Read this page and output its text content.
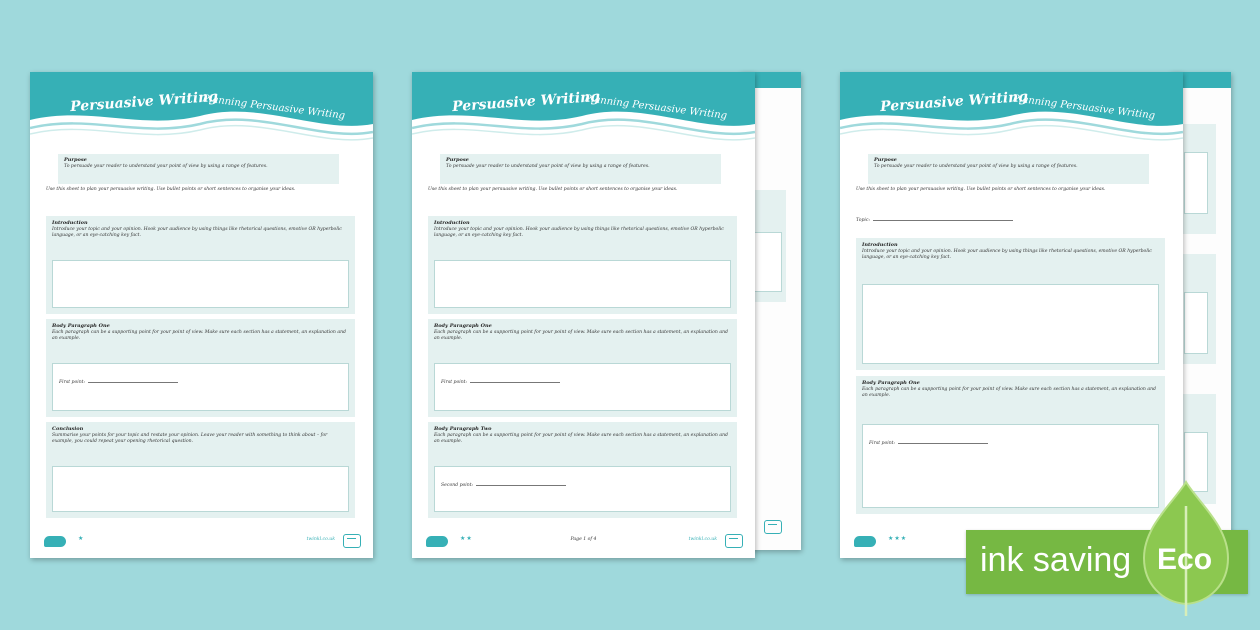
Persuasive Writing
Planning Persuasive Writing
Purpose
To persuade your reader to understand your point of view by using a range of features.
Use this sheet to plan your persuasive writing. Use bullet points or short sentences to organise your ideas.
Introduction
Introduce your topic and your opinion. Hook your audience by using things like rhetorical questions, emotive OR hyperbolic language, or an eye-catching key fact.
Body Paragraph One
Each paragraph can be a supporting point for your point of view. Make sure each section has a statement, an explanation and an example.
First point:
Conclusion
Summarise your points for your topic and restate your opinion. Leave your reader with something to think about – for example, you could repeat your opening rhetorical question.
★	twinkl.co.uk
Persuasive Writing
Planning Persuasive Writing
Purpose
To persuade your reader to understand your point of view by using a range of features.
Use this sheet to plan your persuasive writing. Use bullet points or short sentences to organise your ideas.
Introduction
Introduce your topic and your opinion. Hook your audience by using things like rhetorical questions, emotive OR hyperbolic language, or an eye-catching key fact.
Body Paragraph One
Each paragraph can be a supporting point for your point of view. Make sure each section has a statement, an explanation and an example.
First point:
Body Paragraph Two
Each paragraph can be a supporting point for your point of view. Make sure each section has a statement, an explanation and an example.
Second point:
★★	Page 1 of 4	twinkl.co.uk
Persuasive Writing
Planning Persuasive Writing
Purpose
To persuade your reader to understand your point of view by using a range of features.
Use this sheet to plan your persuasive writing. Use bullet points or short sentences to organise your ideas.
Topic:
Introduction
Introduce your topic and your opinion. Hook your audience by using things like rhetorical questions, emotive OR hyperbolic language, or an eye-catching key fact.
Body Paragraph One
Each paragraph can be a supporting point for your point of view. Make sure each section has a statement, an explanation and an example.
First point:
★★★
ink saving Eco
